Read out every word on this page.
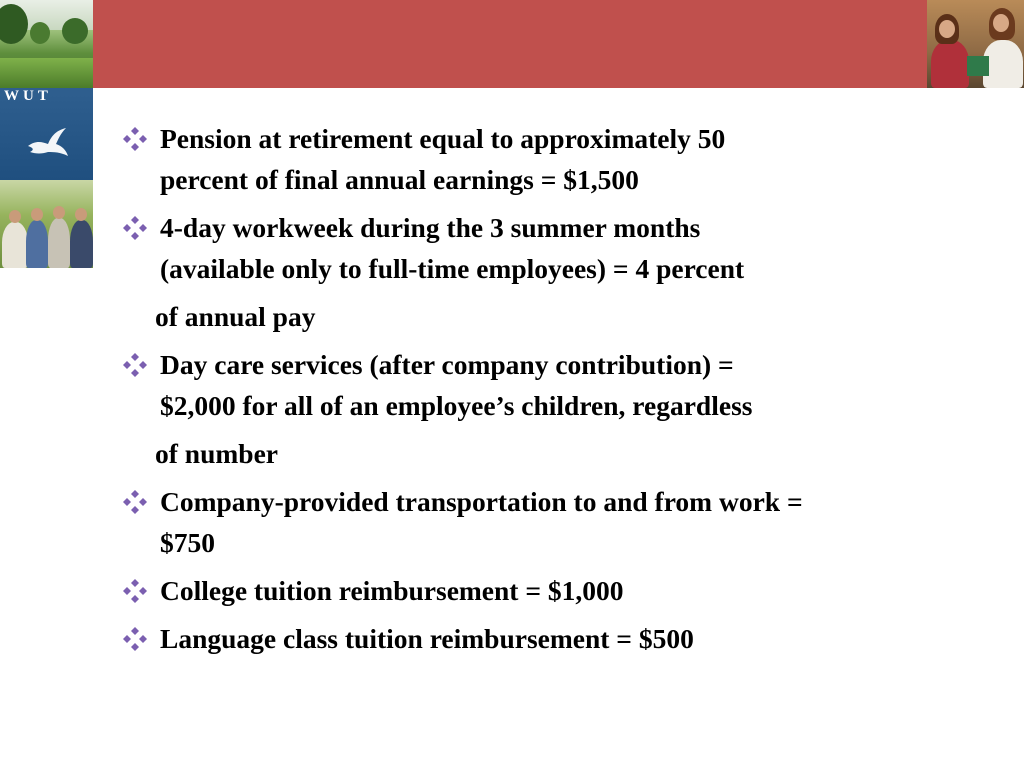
WUT
Pension at retirement equal to approximately 50
percent of final annual earnings = $1,500
4-day workweek during the 3 summer months
(available only to full-time employees) = 4 percent
of annual pay
Day care services (after company contribution) =
$2,000 for all of an employee’s children, regardless
of number
Company-provided transportation to and from work =
$750
College tuition reimbursement = $1,000
Language class tuition reimbursement = $500
